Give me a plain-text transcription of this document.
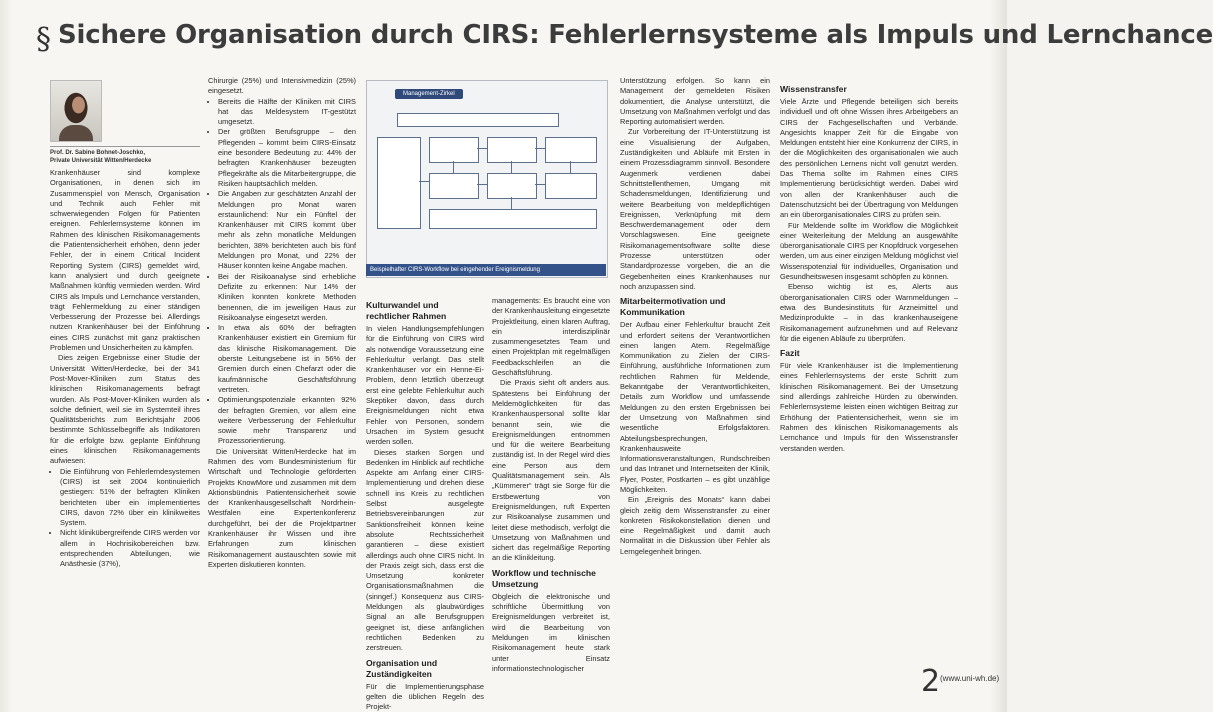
§ Sichere Organisation durch CIRS: Fehlerlernsysteme als Impuls und Lernchance
Prof. Dr. Sabine Bohnet-Joschko,
Private Universität Witten/Herdecke

Krankenhäuser sind komplexe Organisationen, in denen sich im Zusammenspiel von Mensch, Organisation und Technik auch Fehler mit schwerwiegenden Folgen für Patienten ereignen. Fehlerlernsysteme können im Rahmen des klinischen Risikomanagements die Patientensicherheit erhöhen, denn jeder Fehler, der in einem Critical Incident Reporting System (CIRS) gemeldet wird, kann analysiert und durch geeignete Maßnahmen künftig vermieden werden. Wird CIRS als Impuls und Lernchance verstanden, trägt Fehlermeldung zu einer ständigen Verbesserung der Prozesse bei. Allerdings nutzen Krankenhäuser bei der Einführung eines CIRS zunächst mit ganz praktischen Problemen und Unsicherheiten zu kämpfen.

Dies zeigen Ergebnisse einer Studie der Universität Witten/Herdecke, bei der 341 Post-Mover-Kliniken zum Status des klinischen Risikomanagements befragt wurden. Als Post-Mover-Kliniken wurden als solche definiert, weil sie im Systemteil ihres Qualitätsberichts zum Berichtsjahr 2006 bestimmte Schlüsselbegriffe als Indikatoren für die erfolgte bzw. geplante Einführung eines klinischen Risikomanagements aufwiesen:

• Die Einführung von Fehlerlerndesystemen (CIRS) ist seit 2004 kontinuierlich gestiegen: 51% der befragten Kliniken berichteten über ein implementiertes CIRS, davon 72% über ein klinikweites System.
• Nicht klinikübergreifende CIRS werden vor allem in Hochrisikobereichen bzw. entsprechenden Abteilungen, wie Anästhesie (37%),

Chirurgie (25%) und Intensivmedizin (25%) eingesetzt.

• Bereits die Hälfte der Kliniken mit CIRS hat das Meldesystem IT-gestützt umgesetzt.
• Der größten Berufsgruppe – den Pflegenden – kommt beim CIRS-Einsatz eine besondere Bedeutung zu: 44% der befragten Krankenhäuser bezeugten Pflegekräfte als die Mitarbeitergruppe, die Risiken hauptsächlich melden.
• Die Angaben zur geschätzten Anzahl der Meldungen pro Monat waren erstaunlichend: Nur ein Fünftel der Krankenhäuser mit CIRS kommt über mehr als zehn monatliche Meldungen berichten, 38% berichteten auch bis fünf Meldungen pro Monat, und 22% der Häuser konnten keine Angabe machen.
• Bei der Risikoanalyse sind erhebliche Defizite zu erkennen: Nur 14% der Kliniken konnten konkrete Methoden benennen, die im jeweiligen Haus zur Risikoanalyse eingesetzt werden.
• In etwa als 60% der befragten Krankenhäuser existiert ein Gremium für das klinische Risikomanagement. Die oberste Leitungsebene ist in 56% der Gremien durch einen Chefarzt oder die kaufmännische Geschäftsführung vertreten.
• Optimierungspotenziale erkannten 92% der befragten Gremien, vor allem eine weitere Verbesserung der Fehlerkultur sowie mehr Transparenz und Prozessorientierung.

Die Universität Witten/Herdecke hat im Rahmen des vom Bundesministerium für Wirtschaft und Technologie geförderten Projekts KnowMore und zusammen mit dem Aktionsbündnis Patientensicherheit sowie der Krankenhausgesellschaft Nordrhein-Westfalen eine Expertenkonferenz durchgeführt, bei der die Projektpartner Krankenhäuser ihr Wissen und ihre Erfahrungen zum klinischen Risikomanagement austauschten sowie mit Experten diskutieren konnten.

Management-Zirkel
Beispielhafter CIRS-Workflow bei eingehender Ereignismeldung
Kulturwandel und rechtlicher Rahmen

In vielen Handlungsempfehlungen für die Einführung von CIRS wird als notwendige Voraussetzung eine Fehlerkultur verlangt. Das stellt Krankenhäuser vor ein Henne-Ei-Problem, denn letztlich überzeugt erst eine gelebte Fehlerkultur auch Skeptiker davon, dass durch Ereignismeldungen nicht etwa Fehler von Personen, sondern Ursachen im System gesucht werden sollen.

Dieses starken Sorgen und Bedenken im Hinblick auf rechtliche Aspekte am Anfang einer CIRS-Implementierung und drehen diese schnell ins Kreis zu rechtlichen Selbst ausgelegte Betriebsvereinbarungen zur Sanktionsfreiheit können keine absolute Rechtssicherheit garantieren – diese existiert allerdings auch ohne CIRS nicht. In der Praxis zeigt sich, dass erst die Umsetzung konkreter Organisationsmaßnahmen die (sinngef.) Konsequenz aus CIRS-Meldungen als glaubwürdiges Signal an alle Berufsgruppen geeignet ist, diese anfänglichen rechtlichen Bedenken zu zerstreuen.

Organisation und Zuständigkeiten

Für die Implementierungsphase gelten die üblichen Regeln des Projekt-

managements: Es braucht eine von der Krankenhausleitung eingesetzte Projektleitung, einen klaren Auftrag, ein interdisziplinär zusammengesetztes Team und einen Projektplan mit regelmäßigen Feedbackschleifen an die Geschäftsführung.

Die Praxis sieht oft anders aus. Spätestens bei Einführung der Meldemöglichkeiten für das Krankenhauspersonal sollte klar benannt sein, wie die Ereignismeldungen entnommen und für die weitere Bearbeitung zuständig ist. In der Regel wird dies eine Person aus dem Qualitätsmanagement sein. Als „Kümmerer“ trägt sie Sorge für die Erstbewertung von Ereignismeldungen, ruft Experten zur Risikoanalyse zusammen und leitet diese methodisch, verfolgt die Umsetzung von Maßnahmen und sichert das regelmäßige Reporting an die Klinikleitung.

Workflow und technische Umsetzung

Obgleich die elektronische und schriftliche Übermittlung von Ereignismeldungen verbreitet ist, wird die Bearbeitung von Meldungen im klinischen Risikomanagement heute stark unter Einsatz informationstechnologischer

Unterstützung erfolgen. So kann ein Management der gemeldeten Risiken dokumentiert, die Analyse unterstützt, die Umsetzung von Maßnahmen verfolgt und das Reporting automatisiert werden.

Zur Vorbereitung der IT-Unterstützung ist eine Visualisierung der Aufgaben, Zuständigkeiten und Abläufe mit Ersten in einem Prozessdiagramm sinnvoll. Besondere Augenmerk verdienen dabei Schnittstellenthemen, Umgang mit Schadensmeldungen, Identifizierung und weitere Bearbeitung von meldepflichtigen Ereignissen, Verknüpfung mit dem Beschwerdemanagement oder dem Vorschlagswesen. Eine geeignete Risikomanagementsoftware sollte diese Prozesse unterstützen oder Standardprozesse vorgeben, die an die Gegebenheiten eines Krankenhauses nur noch anzupassen sind.

Mitarbeitermotivation und Kommunikation

Der Aufbau einer Fehlerkultur braucht Zeit und erfordert seitens der Verantwortlichen einen langen Atem. Regelmäßige Kommunikation zu Zielen der CIRS-Einführung, ausführliche Informationen zum rechtlichen Rahmen für Meldende, Bekanntgabe der Verantwortlichkeiten, Details zum Workflow und umfassende Meldungen zu den ersten Ergebnissen bei der Umsetzung von Maßnahmen sind wesentliche Erfolgsfaktoren. Abteilungsbesprechungen, Krankenhausweite Informationsveranstaltungen, Rundschreiben und das Intranet und Internetseiten der Klinik, Flyer, Poster, Postkarten – es gibt unzählige Möglichkeiten.

Ein „Ereignis des Monats“ kann dabei gleich zeitig dem Wissenstransfer zu einer konkreten Risikokonstellation dienen und eine Regelmäßigkeit und damit auch Normalität in die Diskussion über Fehler als Lerngelegenheit bringen.

Wissenstransfer

Viele Ärzte und Pflegende beteiligen sich bereits individuell und oft ohne Wissen ihres Arbeitgebers an CIRS der Fachgesellschaften und Verbände. Angesichts knapper Zeit für die Eingabe von Meldungen entsteht hier eine Konkurrenz der CIRS, in der die Möglichkeiten des organisationalen wie auch des persönlichen Lernens nicht voll genutzt werden. Das Thema sollte im Rahmen eines CIRS Implementierung berücksichtigt werden. Dabei wird von allen der Krankenhäuser auch die Datenschutzsicht bei der Übertragung von Meldungen an ein überorganisationales CIRS zu prüfen sein.

Für Meldende sollte im Workflow die Möglichkeit einer Weiterleitung der Meldung an ausgewählte überorganisationale CIRS per Knopfdruck vorgesehen werden, um aus einer einzigen Meldung möglichst viel Wissenspotenzial für individuelles, Organisation und Gesundheitswesen insgesamt schöpfen zu können.

Ebenso wichtig ist es, Alerts aus überorganisationalen CIRS oder Warnmeldungen – etwa des Bundesinstituts für Arzneimittel und Medizinprodukte – in das krankenhauseigene Risikomanagement aufzunehmen und auf Relevanz für die eigenen Abläufe zu überprüfen.

Fazit

Für viele Krankenhäuser ist die Implementierung eines Fehlerlernsystems der erste Schritt zum klinischen Risikomanagement. Bei der Umsetzung sind allerdings zahlreiche Hürden zu überwinden. Fehlerlernsysteme leisten einen wichtigen Beitrag zur Erhöhung der Patientensicherheit, wenn sie im Rahmen des klinischen Risikomanagements als Lernchance und Impuls für den Wissenstransfer verstanden werden.

2 (www.uni-wh.de)
